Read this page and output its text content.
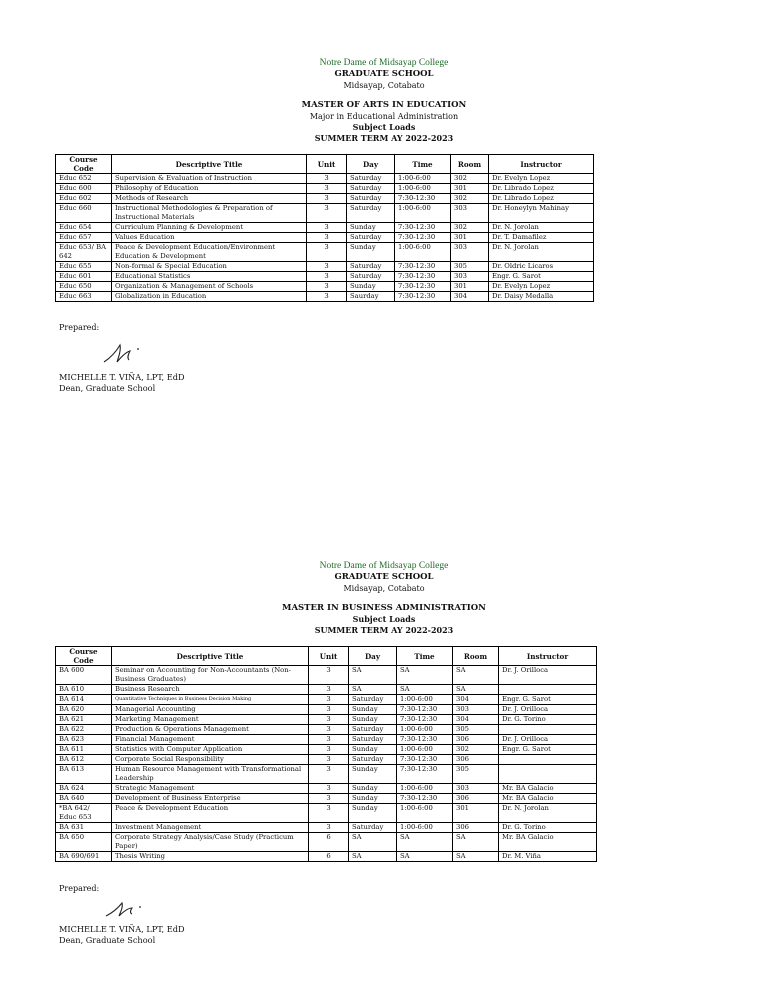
Notre Dame of Midsayap College
GRADUATE SCHOOL
Midsayap, Cotabato
MASTER OF ARTS IN EDUCATION
Major in Educational Administration
Subject Loads
SUMMER TERM AY 2022-2023
Course Code	Descriptive Title	Unit	Day	Time	Room	Instructor
Educ 652	Supervision & Evaluation of Instruction	3	Saturday	1:00-6:00	302	Dr. Evelyn Lopez
Educ 600	Philosophy of Education	3	Saturday	1:00-6:00	301	Dr. Librado Lopez
Educ 602	Methods of Research	3	Saturday	7:30-12:30	302	Dr. Librado Lopez
Educ 660	Instructional Methodologies & Preparation of Instructional Materials	3	Saturday	1:00-6:00	303	Dr. Honeylyn Mahinay
Educ 654	Curriculum Planning & Development	3	Sunday	7:30-12:30	302	Dr. N. Jorolan
Educ 657	Values Education	3	Saturday	7:30-12:30	301	Dr. T. Damafilez
Educ 653/ BA 642	Peace & Development Education/Environment Education & Development	3	Sunday	1:00-6:00	303	Dr. N. Jorolan
Educ 655	Non-formal & Special Education	3	Saturday	7:30-12:30	305	Dr. Oldric Licaros
Educ 601	Educational Statistics	3	Saturday	7:30-12:30	303	Engr. G. Sarot
Educ 650	Organization & Management of Schools	3	Sunday	7:30-12:30	301	Dr. Evelyn Lopez
Educ 663	Globalization in Education	3	Saurday	7:30-12:30	304	Dr. Daisy Medalla
Prepared:
MICHELLE T. VIÑA, LPT, EdD
Dean, Graduate School
Notre Dame of Midsayap College
GRADUATE SCHOOL
Midsayap, Cotabato
MASTER IN BUSINESS ADMINISTRATION
Subject Loads
SUMMER TERM AY 2022-2023
Course Code	Descriptive Title	Unit	Day	Time	Room	Instructor
BA 600	Seminar on Accounting for Non-Accountants (Non-Business Graduates)	3	SA	SA	SA	Dr. J. Orilloca
BA 610	Business Research	3	SA	SA	SA	
BA 614	Quantitative Techniques in Business Decision Making	3	Saturday	1:00-6:00	304	Engr. G. Sarot
BA 620	Managerial Accounting	3	Sunday	7:30-12:30	303	Dr. J. Orilloca
BA 621	Marketing Management	3	Sunday	7:30-12:30	304	Dr. G. Torino
BA 622	Production & Operations Management	3	Saturday	1:00-6:00	305	
BA 623	Financial Management	3	Saturday	7:30-12:30	306	Dr. J. Orilloca
BA 611	Statistics with Computer Application	3	Sunday	1:00-6:00	302	Engr. G. Sarot
BA 612	Corporate Social Responsibility	3	Saturday	7:30-12:30	306	
BA 613	Human Resource Management with Transformational Leadership	3	Sunday	7:30-12:30	305	
BA 624	Strategic Management	3	Sunday	1:00-6:00	303	Mr. BA Galacio
BA 640	Development of Business Enterprise	3	Sunday	7:30-12:30	306	Mr. BA Galacio
*BA 642/ Educ 653	Peace & Development Education	3	Sunday	1:00-6:00	301	Dr. N. Jorolan
BA 631	Investment Management	3	Saturday	1:00-6:00	306	Dr. G. Torino
BA 650	Corporate Strategy Analysis/Case Study (Practicum Paper)	6	SA	SA	SA	Mr. BA Galacio
BA 690/691	Thesis Writing	6	SA	SA	SA	Dr. M. Viña
Prepared:
MICHELLE T. VIÑA, LPT, EdD
Dean, Graduate School
